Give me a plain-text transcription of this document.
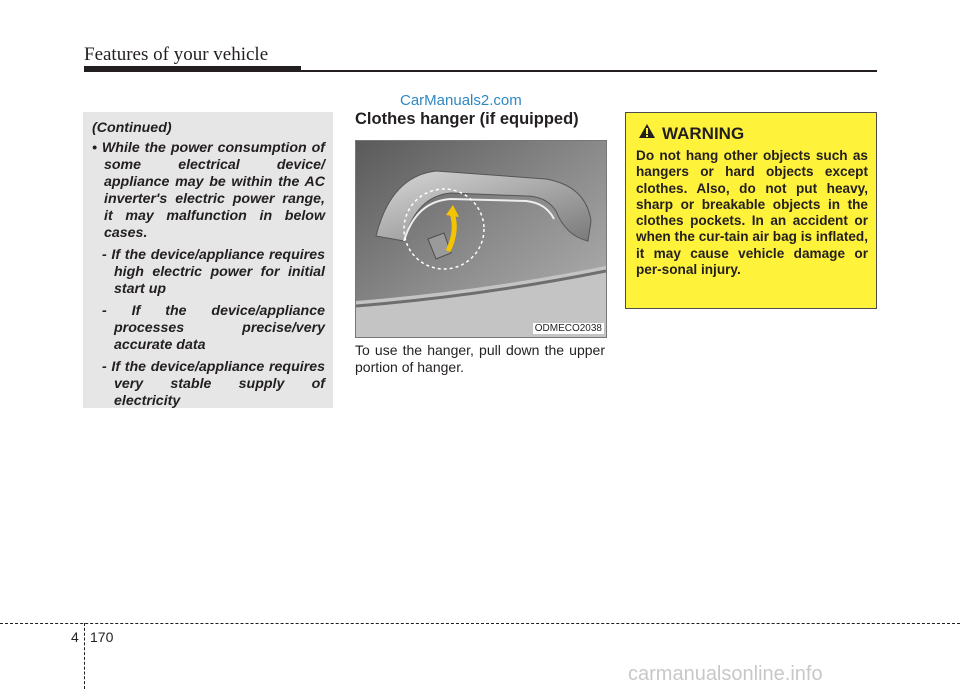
Features of your vehicle
CarManuals2.com
(Continued)
• While the power consumption of some electrical device/ appliance may be within the AC inverter's electric power range, it may malfunction in below cases.
- If the device/appliance requires high electric power for initial start up
- If the device/appliance processes precise/very accurate data
- If the device/appliance requires very stable supply of electricity
Clothes hanger (if equipped)
ODMECO2038
To use the hanger, pull down the upper portion of hanger.
WARNING
Do not hang other objects such as hangers or hard objects except clothes. Also, do not put heavy, sharp or breakable objects in the clothes pockets. In an accident or when the cur-tain air bag is inflated, it may cause vehicle damage or per-sonal injury.
4 170
carmanualsonline.info
